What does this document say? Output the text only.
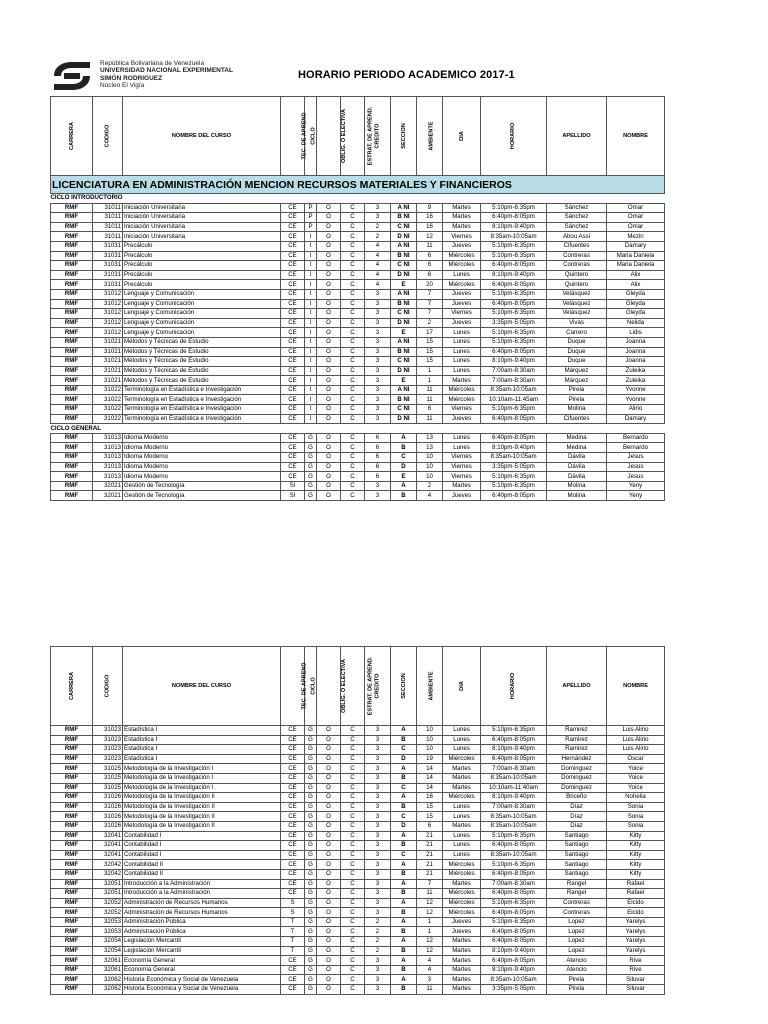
República Bolivariana de Venezuela
UNIVERSIDAD NACIONAL EXPERIMENTAL
SIMÓN RODRIGUEZ
Núcleo El Vigía
HORARIO PERIODO ACADEMICO 2017-1
CARRERA	CODIGO	NOMBRE DEL CURSO	TEC. DE APREND	CICLO	OBLIG. O ELECTIVA	ESTRAT. DE APREND.	CREDITO	SECCION	AMBIENTE	DIA	HORARIO	APELLIDO	NOMBRE
LICENCIATURA EN ADMINISTRACIÓN MENCION RECURSOS MATERIALES Y FINANCIEROS													
CICLO INTRODUCTORIO													
RMF	31011	Iniciación Universitaria	CE	P	O	C	3	A NI	9	Martes	5:10pm-6:35pm	Sánchez	Omar
RMF	31011	Iniciación Universitaria	CE	P	O	C	3	B NI	16	Martes	6:40pm-8:05pm	Sánchez	Omar
RMF	31011	Iniciación Universitaria	CE	P	O	C	2	C NI	16	Martes	8:10pm-9:40pm	Sánchez	Omar
RMF	31011	Iniciación Universitaria	CE	I	O	C	2	D NI	12	Viernes	8:35am-10:05am	Abou Assi	Mezin
RMF	31031	Precálculo	CE	I	O	C	4	A NI	11	Jueves	5:10pm-6:35pm	Cifuentes	Damary
RMF	31031	Precálculo	CE	I	O	C	4	B NI	6	Miércoles	5:10pm-6:35pm	Contreras	Maria Daniela
RMF	31031	Precálculo	CE	I	O	C	4	C NI	6	Miércoles	6:40pm-8:05pm	Contreras	Maria Daniela
RMF	31031	Precálculo	CE	I	O	C	4	D NI	6	Lunes	8:10pm-9:40pm	Quintero	Alix
RMF	31031	Precálculo	CE	I	O	C	4	E	20	Miércoles	6:40pm-8:05pm	Quintero	Alix
RMF	31012	Lenguaje y Comunicación	CE	I	O	C	3	A NI	7	Jueves	5:10pm-6:35pm	Velásquez	Gleyda
RMF	31012	Lenguaje y Comunicación	CE	I	O	C	3	B NI	7	Jueves	6:40pm-8:05pm	Velásquez	Gleyda
RMF	31012	Lenguaje y Comunicación	CE	I	O	C	3	C NI	7	Viernes	5:10pm-6:35pm	Velásquez	Gleyda
RMF	31012	Lenguaje y Comunicación	CE	I	O	C	3	D NI	2	Jueves	3:35pm-5:05pm	Vivas	Nelida
RMF	31012	Lenguaje y Comunicación	CE	I	O	C	3	E	17	Lunes	5:10pm-6:35pm	Carrero	Lidis
RMF	31021	Métodos y Técnicas de Estudio	CE	I	O	C	3	A NI	15	Lunes	5:10pm-6:35pm	Duque	Joanna
RMF	31021	Métodos y Técnicas de Estudio	CE	I	O	C	3	B NI	15	Lunes	6:40pm-8:05pm	Duque	Joanna
RMF	31021	Métodos y Técnicas de Estudio	CE	I	O	C	3	C NI	15	Lunes	8:10pm-9:40pm	Duque	Joanna
RMF	31021	Métodos y Técnicas de Estudio	CE	I	O	C	3	D NI	1	Lunes	7:00am-8:30am	Márquez	Zuleika
RMF	31021	Métodos y Técnicas de Estudio	CE	I	O	C	3	E	1	Martes	7:00am-8:30am	Márquez	Zuleika
RMF	31022	Terminología en Estadística e Investigación	CE	I	O	C	3	A NI	11	Miércoles	8:35am-10:05am	Pirela	Yvonne
RMF	31022	Terminología en Estadística e Investigación	CE	I	O	C	3	B NI	11	Miércoles	10:10am-11:45am	Pirela	Yvonne
RMF	31022	Terminología en Estadística e Investigación	CE	I	O	C	3	C NI	6	Viernes	5:10pm-6:35pm	Molina	Alirio
RMF	31022	Terminología en Estadística e Investigación	CE	I	O	C	3	D NI	11	Jueves	6:40pm-8:05pm	Cifuentes	Damary
CICLO GENERAL													
RMF	31013	Idioma Moderno	CE	G	O	C	6	A	13	Lunes	6:40pm-8:05pm	Medina	Bernardo
RMF	31013	Idioma Moderno	CE	G	O	C	6	B	13	Lunes	8:10pm-9:40pm	Medina	Bernardo
RMF	31013	Idioma Moderno	CE	G	O	C	6	C	10	Viernes	8:35am-10:05am	Dávila	Jesus
RMF	31013	Idioma Moderno	CE	G	O	C	6	D	10	Viernes	3:35pm-5:05pm	Dávila	Jesus
RMF	31013	Idioma Moderno	CE	G	O	C	6	E	10	Viernes	5:10pm-6:35pm	Dávila	Jesus
RMF	32021	Gestión de Tecnología	SI	G	O	C	3	A	2	Martes	5:10pm-6:35pm	Molina	Yeny
RMF	32021	Gestión de Tecnología	SI	G	O	C	3	B	4	Jueves	6:40pm-8:05pm	Molina	Yeny
CARRERA	CODIGO	NOMBRE DEL CURSO	TEC. DE APREND	CICLO	OBLIG. O ELECTIVA	ESTRAT. DE APREND.	CREDITO	SECCION	AMBIENTE	DIA	HORARIO	APELLIDO	NOMBRE
RMF	31023	Estadística I	CE	G	O	C	3	A	10	Lunes	5:10pm-6:35pm	Ramirez	Luis Alirio
RMF	31023	Estadística I	CE	G	O	C	3	B	10	Lunes	6:40pm-8:05pm	Ramirez	Luis Alirio
RMF	31023	Estadística I	CE	G	O	C	3	C	10	Lunes	8:10pm-9:40pm	Ramirez	Luis Alirio
RMF	31023	Estadística I	CE	G	O	C	3	D	19	Miércoles	6:40pm-8:05pm	Hernández	Oscar
RMF	31025	Metodología de la Investigación I	CE	G	O	C	3	A	14	Martes	7:00am-8:30am	Dominguez	Yoice
RMF	31025	Metodología de la Investigación I	CE	G	O	C	3	B	14	Martes	8:35am-10:05am	Dominguez	Yoice
RMF	31025	Metodología de la Investigación I	CE	G	O	C	3	C	14	Martes	10:10am-11:40am	Dominguez	Yoice
RMF	31026	Metodología de la Investigación II	CE	G	O	C	3	A	16	Miércoles	8:10pm-9:40pm	Briceño	Nohelia
RMF	31026	Metodología de la Investigación II	CE	G	O	C	3	B	15	Lunes	7:00am-8:30am	Díaz	Sonia
RMF	31026	Metodología de la Investigación II	CE	G	O	C	3	C	15	Lunes	8:35am-10:05am	Díaz	Sonia
RMF	31026	Metodología de la Investigación II	CE	G	O	C	3	D	6	Martes	8:35am-10:05am	Díaz	Sonia
RMF	32041	Contabilidad I	CE	G	O	C	3	A	21	Lunes	5:10pm-6:35pm	Santiago	Kitty
RMF	32041	Contabilidad I	CE	G	O	C	3	B	21	Lunes	6:40pm-8:05pm	Santiago	Kitty
RMF	32041	Contabilidad I	CE	G	O	C	3	C	21	Lunes	8:35am-10:05am	Santiago	Kitty
RMF	32042	Contabilidad II	CE	G	O	C	3	A	21	Miércoles	5:10pm-6:35pm	Santiago	Kitty
RMF	32042	Contabilidad II	CE	G	O	C	3	B	21	Miércoles	6:40pm-8:05pm	Santiago	Kitty
RMF	32051	Introducción a la Administración	CE	G	O	C	3	A	7	Martes	7:00am-8:30am	Rangel	Rafael
RMF	32051	Introducción a la Administración	CE	G	O	C	3	B	11	Miércoles	6:40pm-8:05pm	Rangel	Rafael
RMF	32052	Administración de Recursos Humanos	S	G	O	C	3	A	12	Miércoles	5:10pm-6:35pm	Contreras	Elcido
RMF	32052	Administración de Recursos Humanos	S	G	O	C	3	B	12	Miércoles	6:40pm-8:05pm	Contreras	Elcido
RMF	32053	Administración Pública	T	G	O	C	2	A	1	Jueves	5:10pm-6:35pm	Lopez	Yarelys
RMF	32053	Administración Pública	T	G	O	C	2	B	1	Jueves	6:40pm-8:05pm	Lopez	Yarelys
RMF	32054	Legislación Mercantil	T	G	O	C	2	A	12	Martes	6:40pm-8:05pm	Lopez	Yarelys
RMF	32054	Legislación Mercantil	T	G	O	C	2	B	12	Martes	8:10pm-9:40pm	Lopez	Yarelys
RMF	32061	Economía General	CE	G	O	C	3	A	4	Martes	6:40pm-8:05pm	Atencio	Rive
RMF	32061	Economía General	CE	G	O	C	3	B	4	Martes	8:10pm-9:40pm	Atencio	Rive
RMF	32062	Historia Económica y Social de Venezuela	CE	G	O	C	3	A	3	Martes	8:35am-10:05am	Pirela	Siluvar
RMF	32062	Historia Económica y Social de Venezuela	CE	G	O	C	3	B	11	Martes	3:35pm-5:05pm	Pirela	Siluvar
